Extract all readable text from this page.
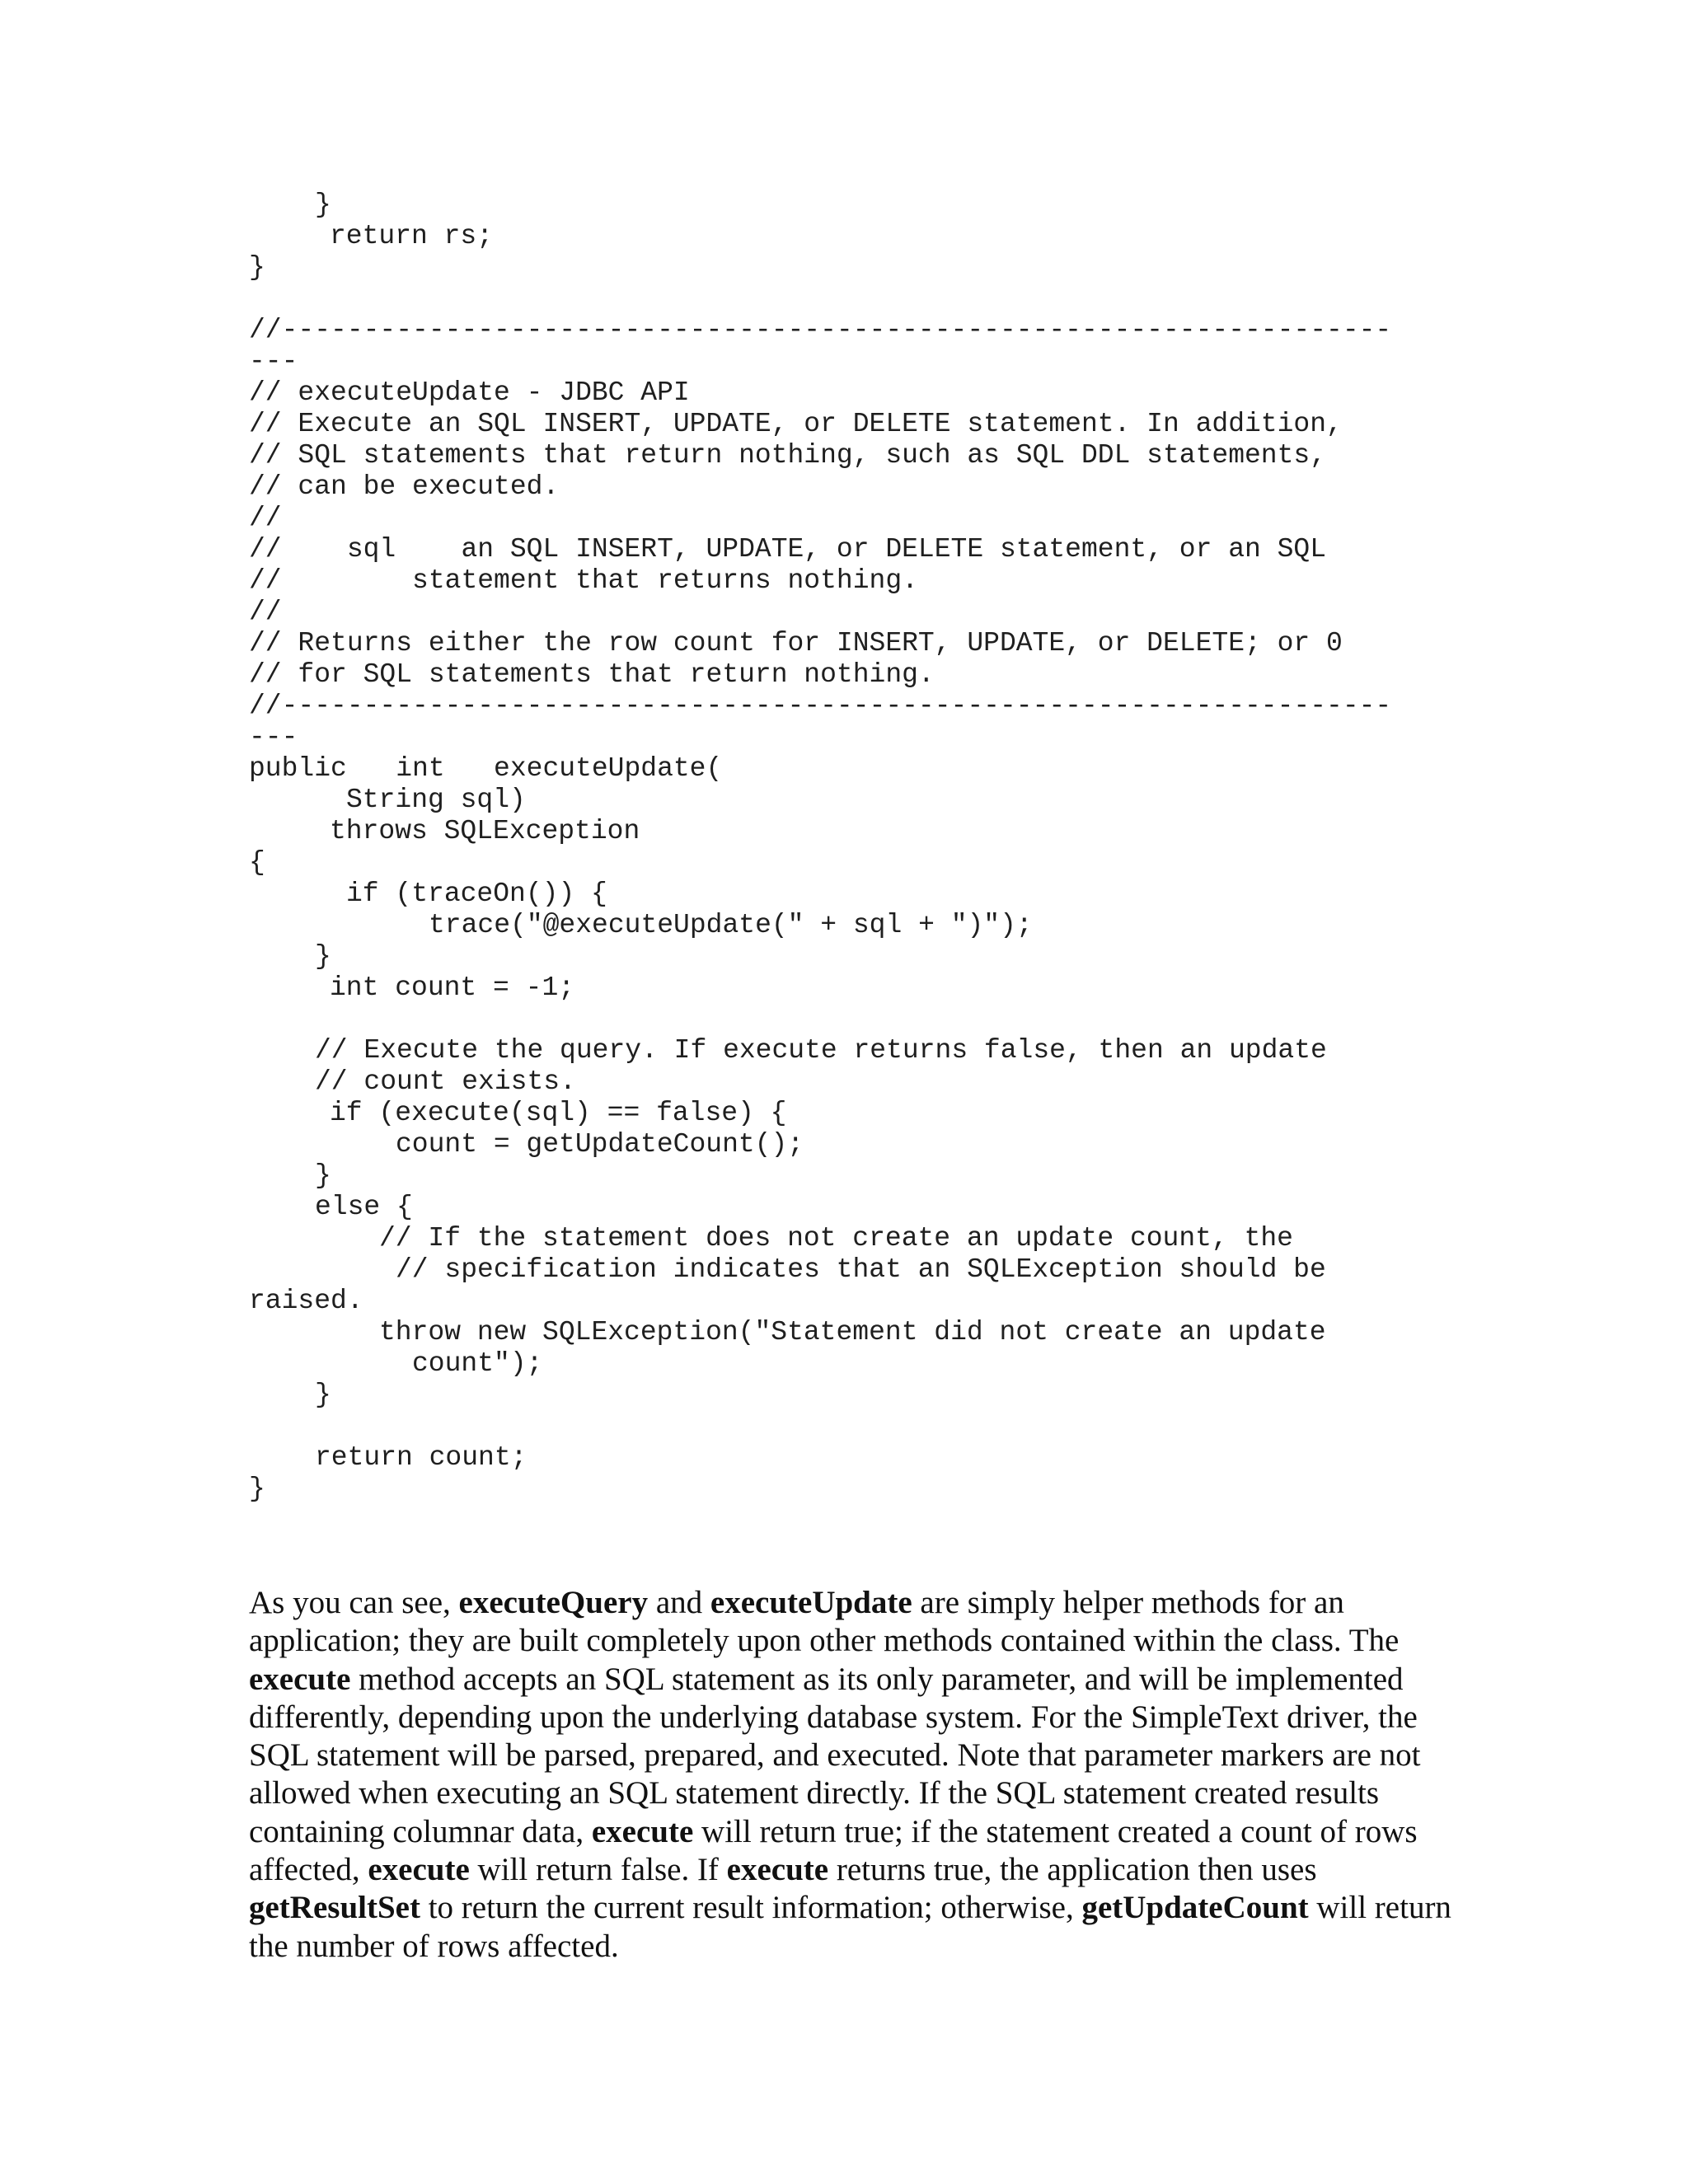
}
return rs;
}
//--------------------------------------------------------------------
---
// executeUpdate - JDBC API
// Execute an SQL INSERT, UPDATE, or DELETE statement. In addition,
// SQL statements that return nothing, such as SQL DDL statements,
// can be executed.
//
//    sql    an SQL INSERT, UPDATE, or DELETE statement, or an SQL
//        statement that returns nothing.
//
// Returns either the row count for INSERT, UPDATE, or DELETE; or 0
// for SQL statements that return nothing.
//--------------------------------------------------------------------
---
public   int   executeUpdate(
String sql)
throws SQLException
{
if (traceOn()) {
trace("@executeUpdate(" + sql + ")");
}
int count = -1;
// Execute the query. If execute returns false, then an update
// count exists.
if (execute(sql) == false) {
count = getUpdateCount();
}
else {
// If the statement does not create an update count, the
// specification indicates that an SQLException should be
raised.
throw new SQLException("Statement did not create an update
count");
}
return count;
}

As you can see, executeQuery and executeUpdate are simply helper methods for an application; they are built completely upon other methods contained within the class. The execute method accepts an SQL statement as its only parameter, and will be implemented differently, depending upon the underlying database system. For the SimpleText driver, the SQL statement will be parsed, prepared, and executed. Note that parameter markers are not allowed when executing an SQL statement directly. If the SQL statement created results containing columnar data, execute will return true; if the statement created a count of rows affected, execute will return false. If execute returns true, the application then uses getResultSet to return the current result information; otherwise, getUpdateCount will return the number of rows affected.
